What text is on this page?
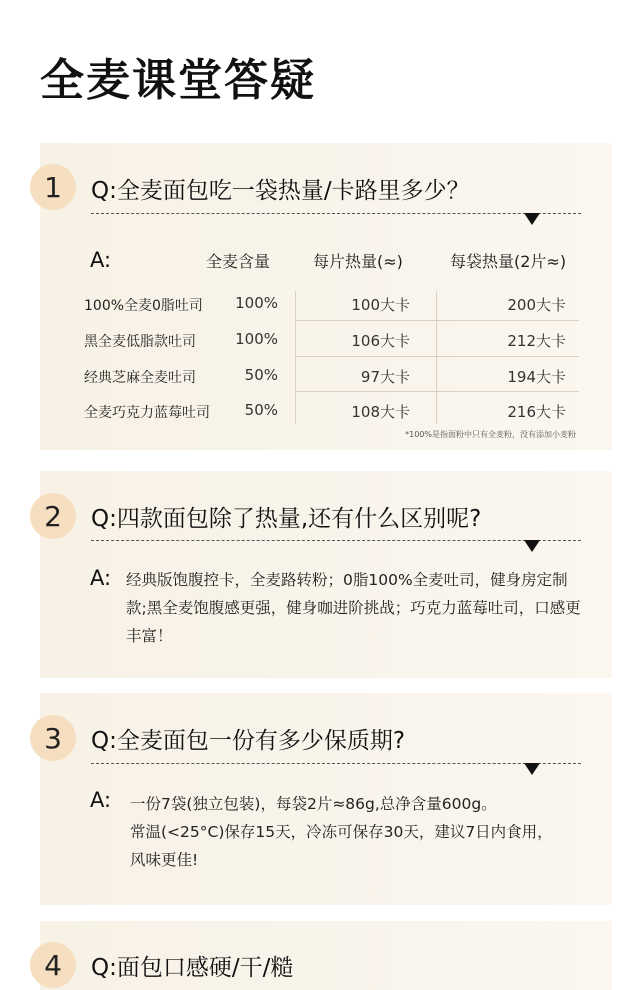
全麦课堂答疑
1	Q:全麦面包吃一袋热量/卡路里多少？
A:	全麦含量	每片热量(≈)	每袋热量(2片≈)
100%全麦0脂吐司	100%	100大卡	200大卡
黑全麦低脂款吐司	100%	106大卡	212大卡
经典芝麻全麦吐司	50%	97大卡	194大卡
全麦巧克力蓝莓吐司	50%	108大卡	216大卡
*100%是指面粉中只有全麦粉，没有添加小麦粉
2	Q:四款面包除了热量,还有什么区别呢?
A: 经典版饱腹控卡，全麦路转粉；0脂100%全麦吐司，健身房定制款;黑全麦饱腹感更强，健身咖进阶挑战；巧克力蓝莓吐司，口感更丰富！
3	Q:全麦面包一份有多少保质期?
A: 一份7袋(独立包装)，每袋2片≈86g,总净含量600g。
常温(<25°C)保存15天，冷冻可保存30天，建议7日内食用，
风味更佳!
4	Q:面包口感硬/干/糙
